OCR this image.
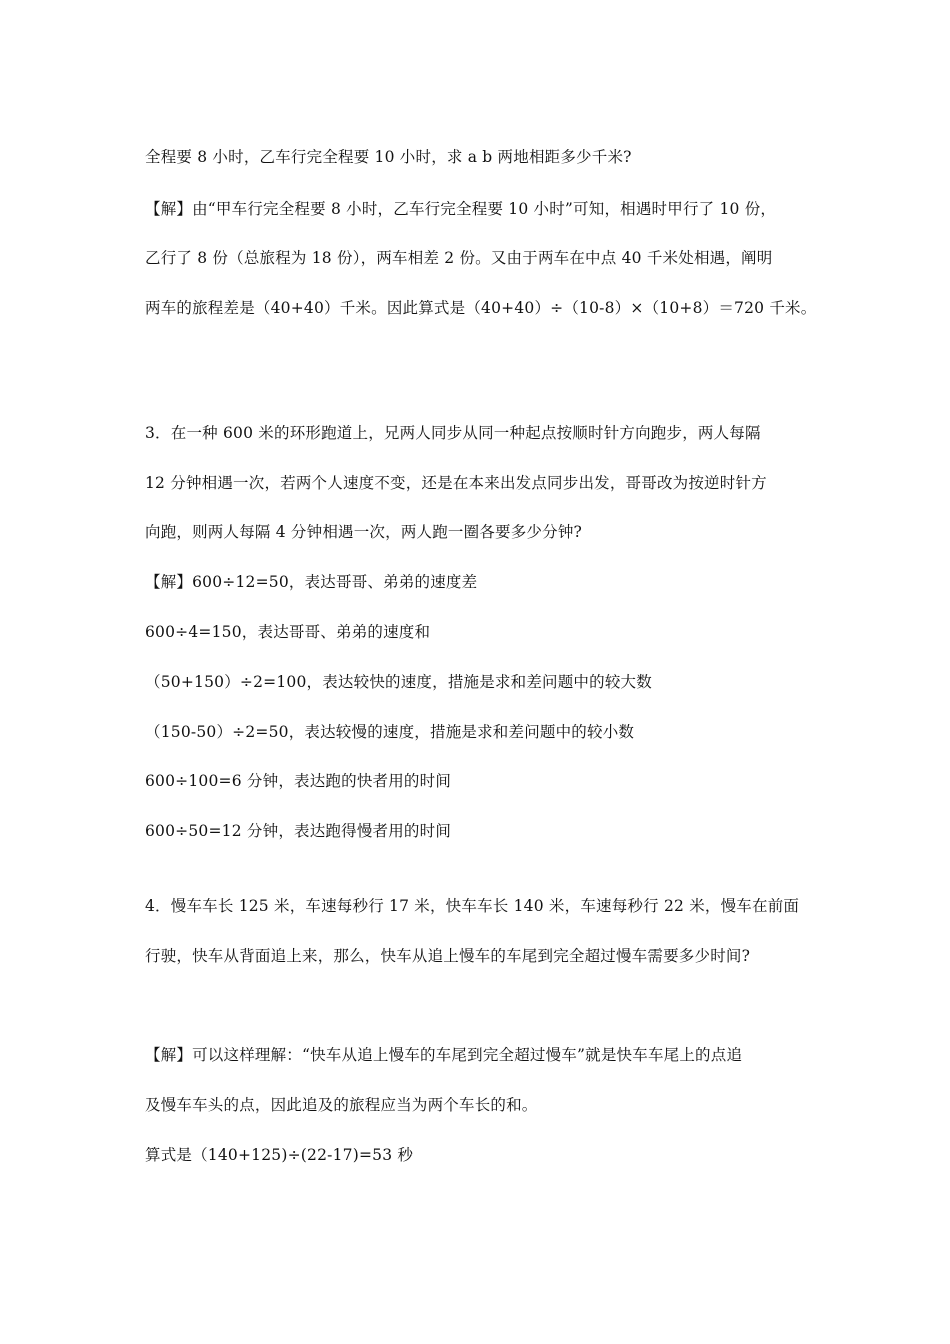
全程要 8 小时，乙车行完全程要 10 小时，求 a b 两地相距多少千米?
【解】由“甲车行完全程要 8 小时，乙车行完全程要 10 小时”可知，相遇时甲行了 10 份，
乙行了 8 份（总旅程为 18 份），两车相差 2 份。又由于两车在中点 40 千米处相遇，阐明
两车的旅程差是（40+40）千米。因此算式是（40+40）÷（10-8）×（10+8）＝720 千米。
3．在一种 600 米的环形跑道上，兄两人同步从同一种起点按顺时针方向跑步，两人每隔
12 分钟相遇一次，若两个人速度不变，还是在本来出发点同步出发，哥哥改为按逆时针方
向跑，则两人每隔 4 分钟相遇一次，两人跑一圈各要多少分钟?
【解】600÷12=50，表达哥哥、弟弟的速度差
600÷4=150，表达哥哥、弟弟的速度和
（50+150）÷2=100，表达较快的速度，措施是求和差问题中的较大数
（150-50）÷2=50，表达较慢的速度，措施是求和差问题中的较小数
600÷100=6 分钟，表达跑的快者用的时间
600÷50=12 分钟，表达跑得慢者用的时间
4．慢车车长 125 米，车速每秒行 17 米，快车车长 140 米，车速每秒行 22 米，慢车在前面
行驶，快车从背面追上来，那么，快车从追上慢车的车尾到完全超过慢车需要多少时间?
【解】可以这样理解：“快车从追上慢车的车尾到完全超过慢车”就是快车车尾上的点追
及慢车车头的点，因此追及的旅程应当为两个车长的和。
算式是（140+125)÷(22-17)=53 秒
